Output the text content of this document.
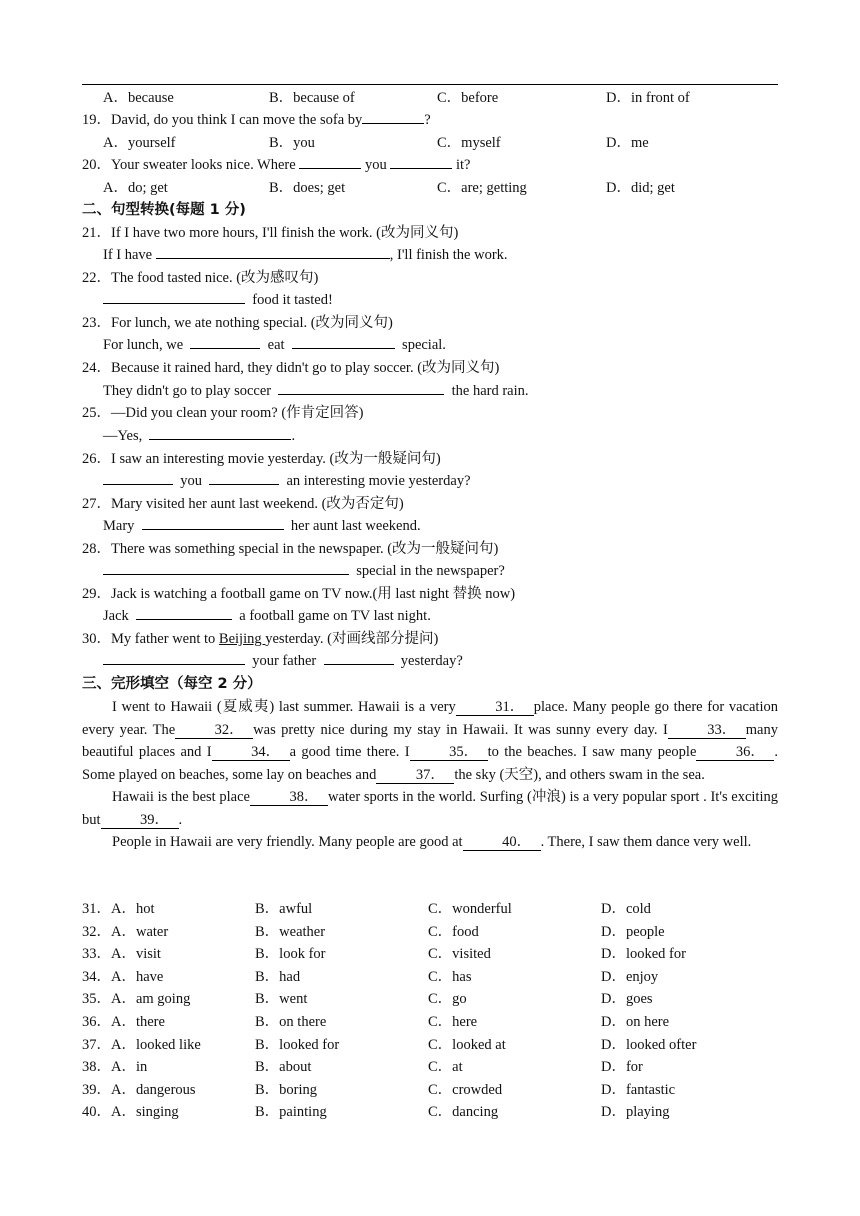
A．because	B．because of	C．before	D．in front of
19．David, do you think I can move the sofa by	?
A．yourself	B．you	C．myself	D．me
20．Your sweater looks nice. Where	you	it?
A．do; get	B．does; get	C．are; getting	D．did; get
二、句型转换(每题 1 分)
21．If I have two more hours, I'll finish the work. (改为同义句)
If I have	, I'll finish the work.
22．The food tasted nice. (改为感叹句)
food it tasted!
23．For lunch, we ate nothing special. (改为同义句)
For lunch, we	eat	special.
24．Because it rained hard, they didn't go to play soccer. (改为同义句)
They didn't go to play soccer	the hard rain.
25．—Did you clean your room? (作肯定回答)
—Yes,	.
26．I saw an interesting movie yesterday. (改为一般疑问句)
you	an interesting movie yesterday?
27．Mary visited her aunt last weekend. (改为否定句)
Mary	her aunt last weekend.
28．There was something special in the newspaper. (改为一般疑问句)
special in the newspaper?
29．Jack is watching a football game on TV now.(用 last night 替换 now)
Jack	a football game on TV last night.
30．My father went to Beijing yesterday. (对画线部分提问)
your father	yesterday?
三、完形填空（每空 2 分）

I went to Hawaii (夏威夷) last summer. Hawaii is a very	31． place. Many people go there for vacation every year. The	32． was pretty nice during my stay in Hawaii. It was sunny every day. I	33． many beautiful places and I	34． a good time there. I	35． to the beaches. I saw many people	36． . Some played on beaches, some lay on beaches and	37． the sky (天空), and others swam in the sea.

Hawaii is the best place	38． water sports in the world. Surfing (冲浪) is a very popular sport . It's exciting but	39． .

People in Hawaii are very friendly. Many people are good at	40． . There, I saw them dance very well.

31． A．hot	B．awful	C．wonderful	D．cold
32． A．water	B．weather	C．food	D．people
33． A．visit	B．look for	C．visited	D．looked for
34． A．have	B．had	C．has	D．enjoy
35． A．am going	B．went	C．go	D．goes
36． A．there	B．on there	C．here	D．on here
37． A．looked like	B．looked for	C．looked at	D．looked ofter
38． A．in	B．about	C．at	D．for
39． A．dangerous	B．boring	C．crowded	D．fantastic
40． A．singing	B．painting	C．dancing	D．playing
